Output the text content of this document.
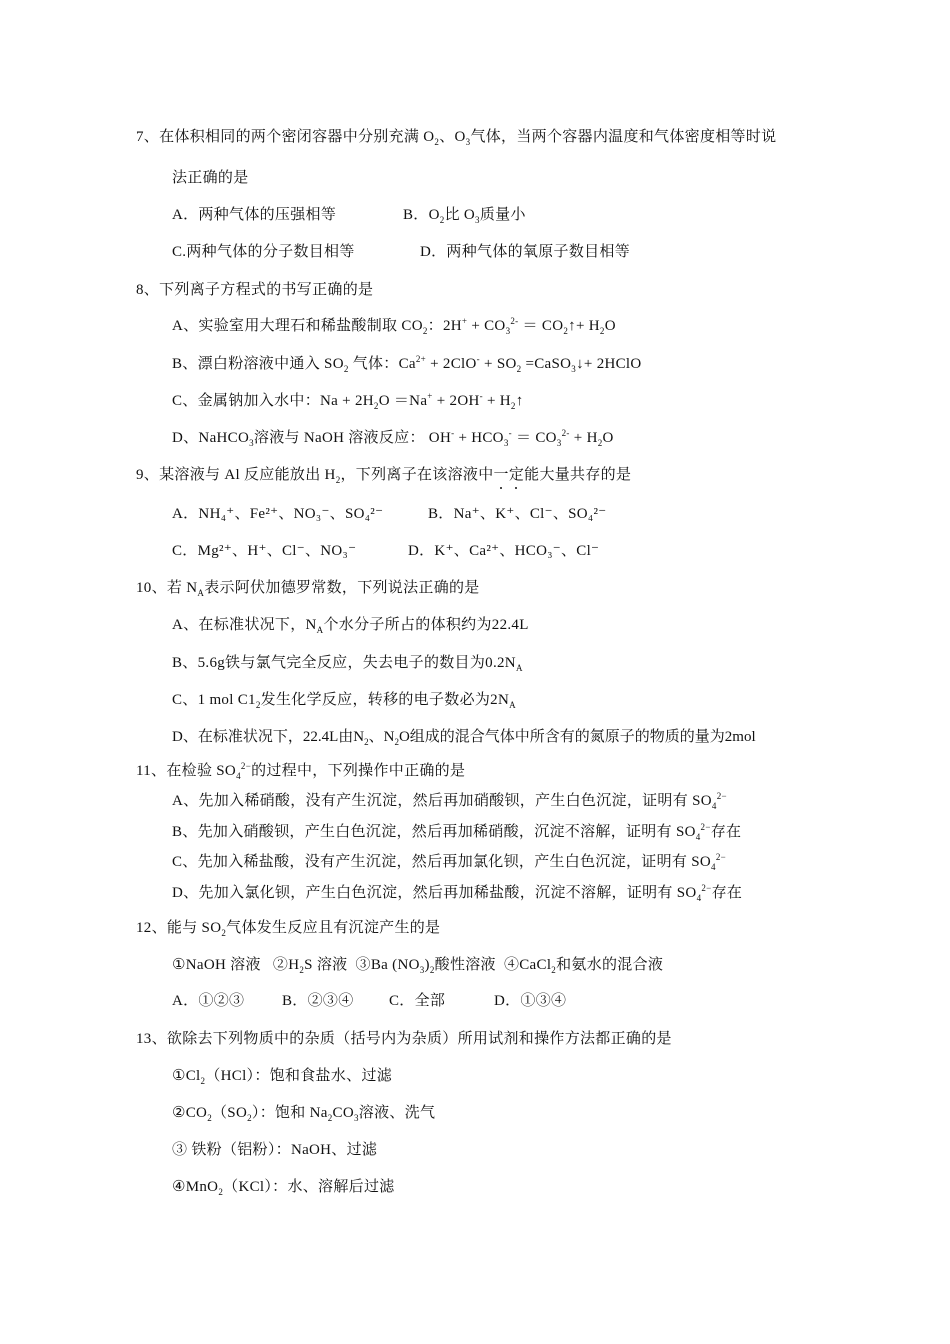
7、在体积相同的两个密闭容器中分别充满 $O_2$、$O_3$气体，当两个容器内温度和气体密度相等时说
法正确的是
A．两种气体的压强相等	B．$O_2$比 $O_3$质量小
C.两种气体的分子数目相等	D．两种气体的氧原子数目相等
8、下列离子方程式的书写正确的是
A、实验室用大理石和稀盐酸制取 $CO_2$：$2H^+ + CO_3^{2-}$ ＝ $CO_2↑+ H_2O$
B、漂白粉溶液中通入 $SO_2$ 气体：$Ca^{2+} + 2ClO^- + SO_2$ =CaSO$_3$↓+ 2HClO
C、金属钠加入水中：$Na + 2H_2O =Na^+ + 2OH^-$ + $H_2↑$
D、NaHCO$_3$溶液与 NaOH 溶液反应： $OH^- + HCO_3^- = CO_3^{2-} + H_2O$
9、某溶液与 Al 反应能放出 $H_2$，下列离子在该溶液中一定能大量共存的是
A．NH₄⁺、Fe²⁺、NO₃⁻、SO₄²⁻	B．Na⁺、K⁺、Cl⁻、SO₄²⁻
C．Mg²⁺、H⁺、Cl⁻、NO₃⁻	D．K⁺、Ca²⁺、HCO₃⁻、Cl⁻
10、若 $N_A$表示阿伏加德罗常数，下列说法正确的是
A、在标准状况下，$N_A$个水分子所占的体积约为22.4L
B、5.6g铁与氯气完全反应，失去电子的数目为$0.2N_A$
C、1 mol $C1_2$发生化学反应，转移的电子数必为$2N_A$
D、在标准状况下，22.4L由$N_2$、$N_2O$组成的混合气体中所含有的氮原子的物质的量为2mol
11、在检验 $SO_4^{2-}$的过程中，下列操作中正确的是
A、先加入稀硝酸，没有产生沉淀，然后再加硝酸钡，产生白色沉淀，证明有 $SO_4^{2-}$
B、先加入硝酸钡，产生白色沉淀，然后再加稀硝酸，沉淀不溶解，证明有 $SO_4^{2-}$存在
C、先加入稀盐酸，没有产生沉淀，然后再加氯化钡，产生白色沉淀，证明有 $SO_4^{2-}$
D、先加入氯化钡，产生白色沉淀，然后再加稀盐酸，沉淀不溶解，证明有 $SO_4^{2-}$存在
12、能与 $SO_2$气体发生反应且有沉淀产生的是
①NaOH 溶液   $②H_2S$ 溶液  ③Ba $(NO_3)_2$酸性溶液  ④CaCl$_2$和氨水的混合液
A．①②③	B．②③④ C．全部	D．①③④
13、欲除去下列物质中的杂质（括号内为杂质）所用试剂和操作方法都正确的是
$①Cl_2(HCl)$：饱和食盐水、过滤
$②CO_2(SO_2)$：饱和 $Na_2CO_3$溶液、洗气
③ 铁粉（铝粉）：NaOH、过滤
④MnO$_2$（KCl）：水、溶解后过滤
